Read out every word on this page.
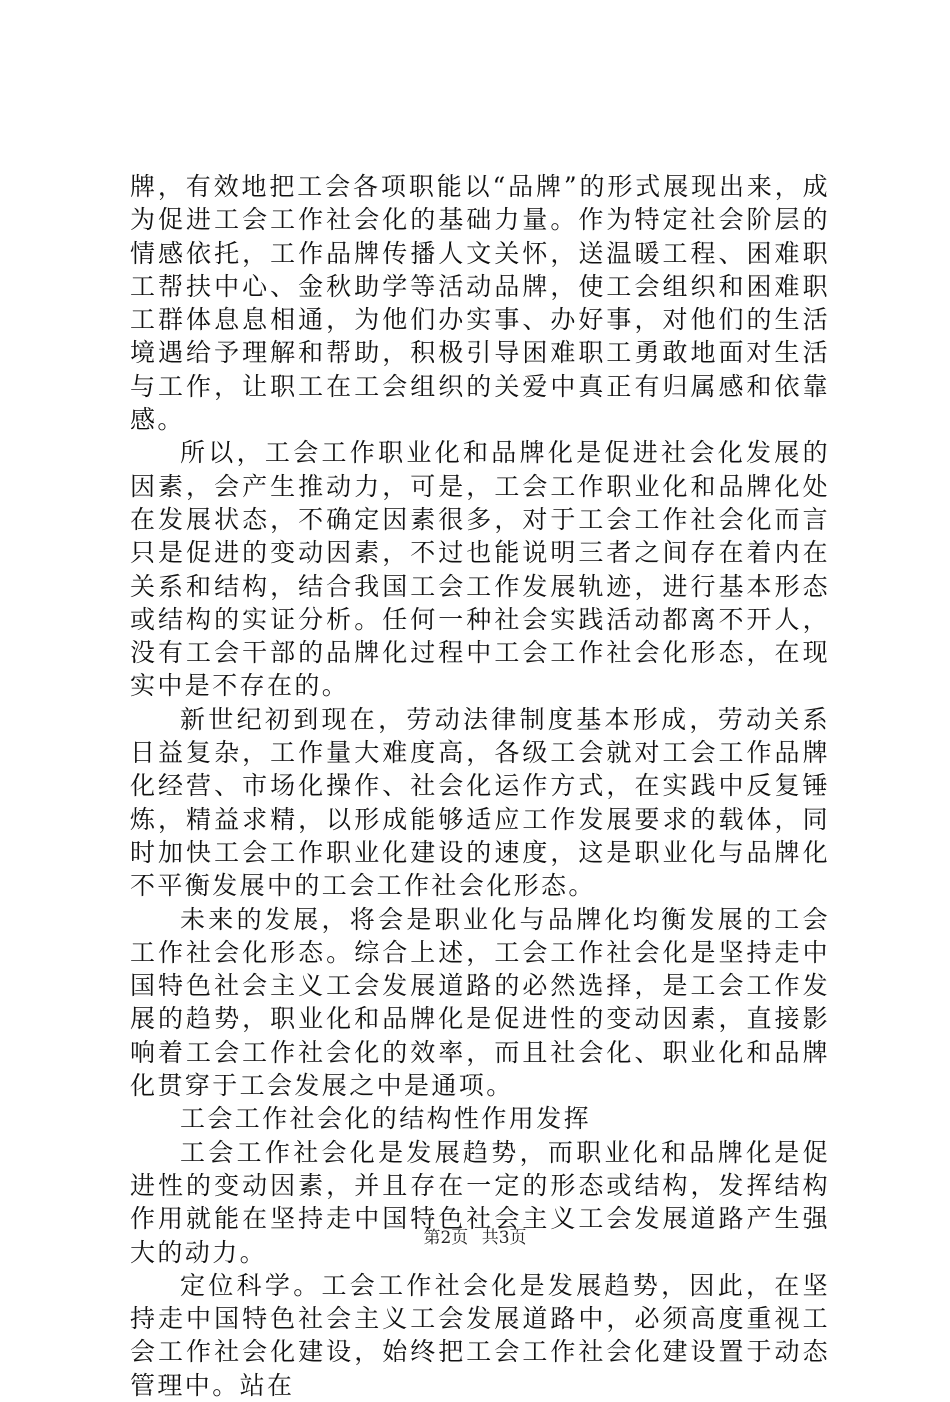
牌，有效地把工会各项职能以“品牌”的形式展现出来，成为促进工会工作社会化的基础力量。作为特定社会阶层的情感依托，工作品牌传播人文关怀，送温暖工程、困难职工帮扶中心、金秋助学等活动品牌，使工会组织和困难职工群体息息相通，为他们办实事、办好事，对他们的生活境遇给予理解和帮助，积极引导困难职工勇敢地面对生活与工作，让职工在工会组织的关爱中真正有归属感和依靠感。

所以，工会工作职业化和品牌化是促进社会化发展的因素，会产生推动力，可是，工会工作职业化和品牌化处在发展状态，不确定因素很多，对于工会工作社会化而言只是促进的变动因素，不过也能说明三者之间存在着内在关系和结构，结合我国工会工作发展轨迹，进行基本形态或结构的实证分析。任何一种社会实践活动都离不开人，没有工会干部的品牌化过程中工会工作社会化形态，在现实中是不存在的。

新世纪初到现在，劳动法律制度基本形成，劳动关系日益复杂，工作量大难度高，各级工会就对工会工作品牌化经营、市场化操作、社会化运作方式，在实践中反复锤炼，精益求精，以形成能够适应工作发展要求的载体，同时加快工会工作职业化建设的速度，这是职业化与品牌化不平衡发展中的工会工作社会化形态。

未来的发展，将会是职业化与品牌化均衡发展的工会工作社会化形态。综合上述，工会工作社会化是坚持走中国特色社会主义工会发展道路的必然选择，是工会工作发展的趋势，职业化和品牌化是促进性的变动因素，直接影响着工会工作社会化的效率，而且社会化、职业化和品牌化贯穿于工会发展之中是通项。

工会工作社会化的结构性作用发挥

工会工作社会化是发展趋势，而职业化和品牌化是促进性的变动因素，并且存在一定的形态或结构，发挥结构作用就能在坚持走中国特色社会主义工会发展道路产生强大的动力。

定位科学。工会工作社会化是发展趋势，因此，在坚持走中国特色社会主义工会发展道路中，必须高度重视工会工作社会化建设，始终把工会工作社会化建设置于动态管理中。站在

第2页 共3页
